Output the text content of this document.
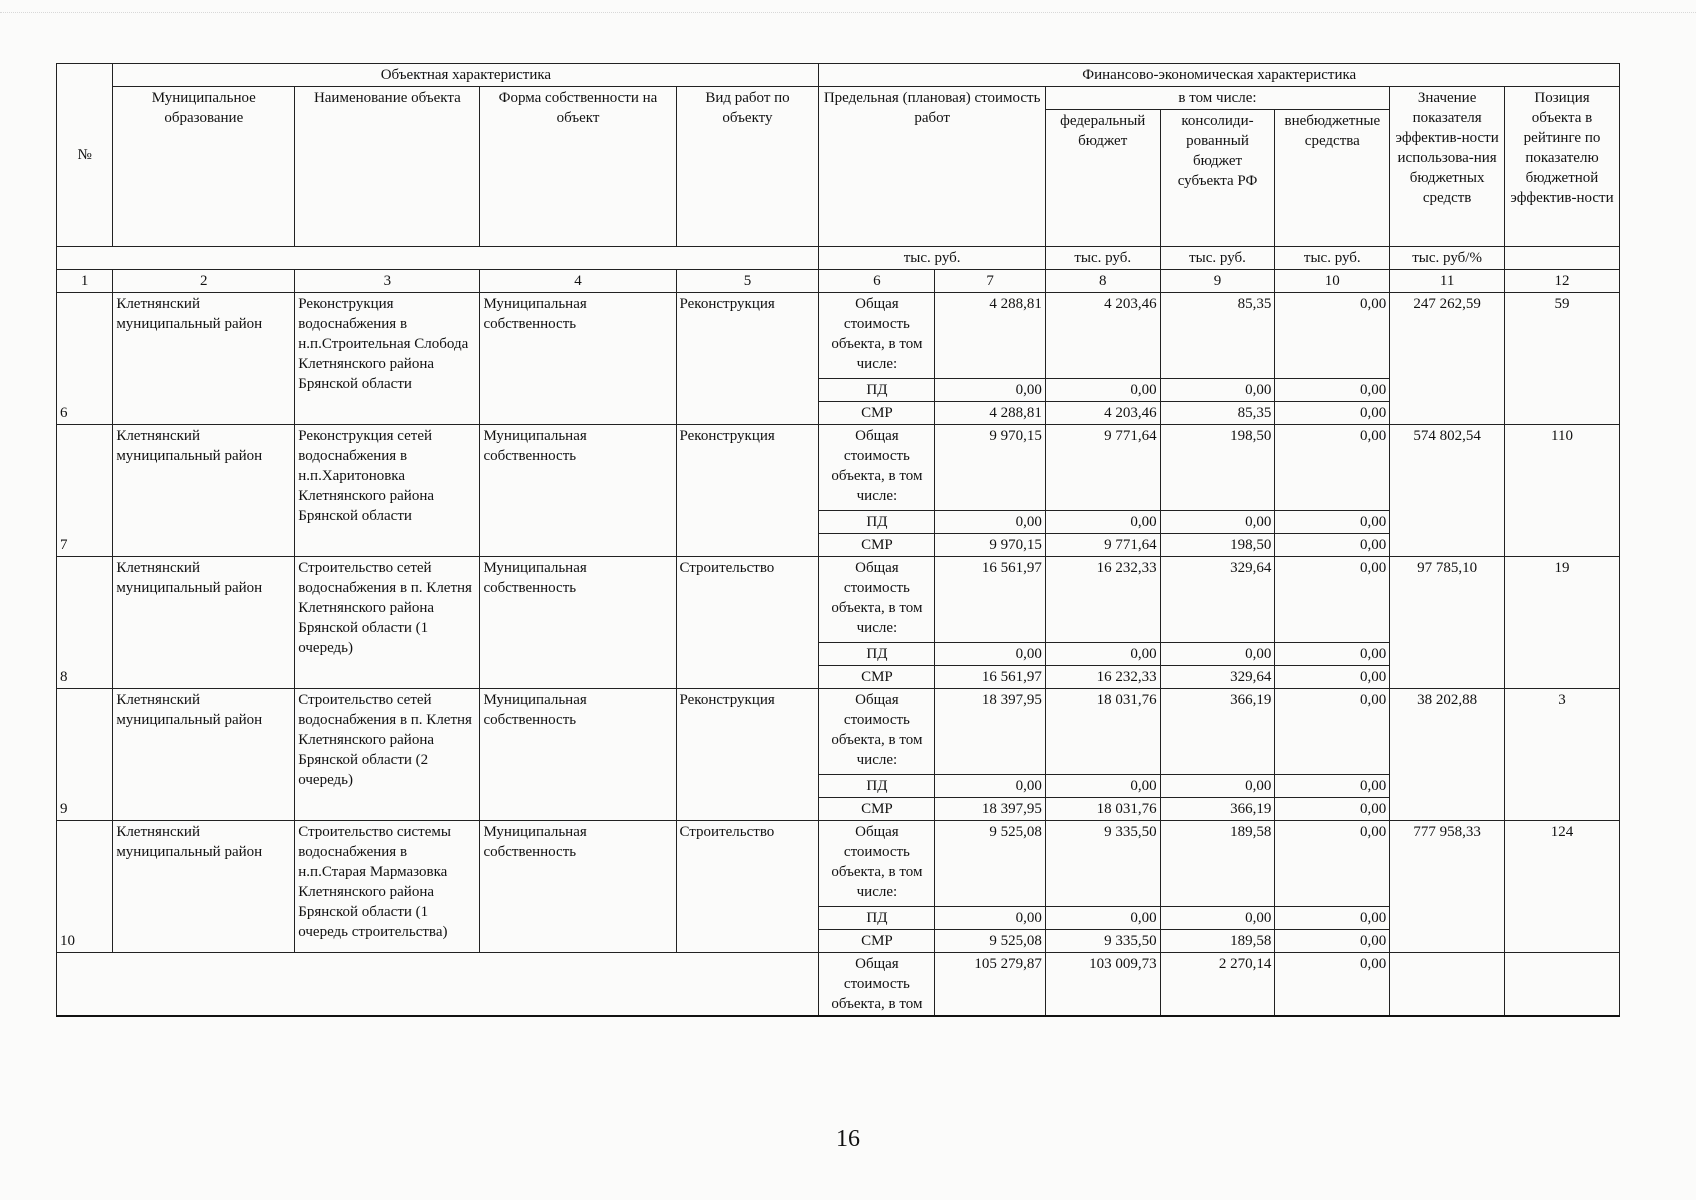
№	Объектная характеристика				Финансово-экономическая характеристика						
	Муниципальное образование	Наименование объекта	Форма собственности на объект	Вид работ по объекту	Предельная (плановая) стоимость работ		в том числе:			Значение показателя эффектив-ности использова-ния бюджетных средств	Позиция объекта в рейтинге по показателю бюджетной эффектив-ности
							федеральный бюджет	консолиди-рованный бюджет субъекта РФ	внебюджетные средства		
					тыс. руб.		тыс. руб.	тыс. руб.	тыс. руб.	тыс. руб/%	
1	2	3	4	5	6	7	8	9	10	11	12
6	Клетнянский муниципальный район	Реконструкция водоснабжения в н.п.Строительная Слобода Клетнянского района Брянской области	Муниципальная собственность	Реконструкция	Общая стоимость объекта, в том числе:	4 288,81	4 203,46	85,35	0,00	247 262,59	59
					ПД	0,00	0,00	0,00	0,00		
					СМР	4 288,81	4 203,46	85,35	0,00		
7	Клетнянский муниципальный район	Реконструкция сетей водоснабжения в н.п.Харитоновка Клетнянского района Брянской области	Муниципальная собственность	Реконструкция	Общая стоимость объекта, в том числе:	9 970,15	9 771,64	198,50	0,00	574 802,54	110
					ПД	0,00	0,00	0,00	0,00		
					СМР	9 970,15	9 771,64	198,50	0,00		
8	Клетнянский муниципальный район	Строительство сетей водоснабжения в п. Клетня Клетнянского района Брянской области (1 очередь)	Муниципальная собственность	Строительство	Общая стоимость объекта, в том числе:	16 561,97	16 232,33	329,64	0,00	97 785,10	19
					ПД	0,00	0,00	0,00	0,00		
					СМР	16 561,97	16 232,33	329,64	0,00		
9	Клетнянский муниципальный район	Строительство сетей водоснабжения в п. Клетня Клетнянского района Брянской области (2 очередь)	Муниципальная собственность	Реконструкция	Общая стоимость объекта, в том числе:	18 397,95	18 031,76	366,19	0,00	38 202,88	3
					ПД	0,00	0,00	0,00	0,00		
					СМР	18 397,95	18 031,76	366,19	0,00		
10	Клетнянский муниципальный район	Строительство системы водоснабжения в н.п.Старая Мармазовка Клетнянского района Брянской области (1 очередь строительства)	Муниципальная собственность	Строительство	Общая стоимость объекта, в том числе:	9 525,08	9 335,50	189,58	0,00	777 958,33	124
					ПД	0,00	0,00	0,00	0,00		
					СМР	9 525,08	9 335,50	189,58	0,00		
					Общая стоимость объекта, в том	105 279,87	103 009,73	2 270,14	0,00		
16
